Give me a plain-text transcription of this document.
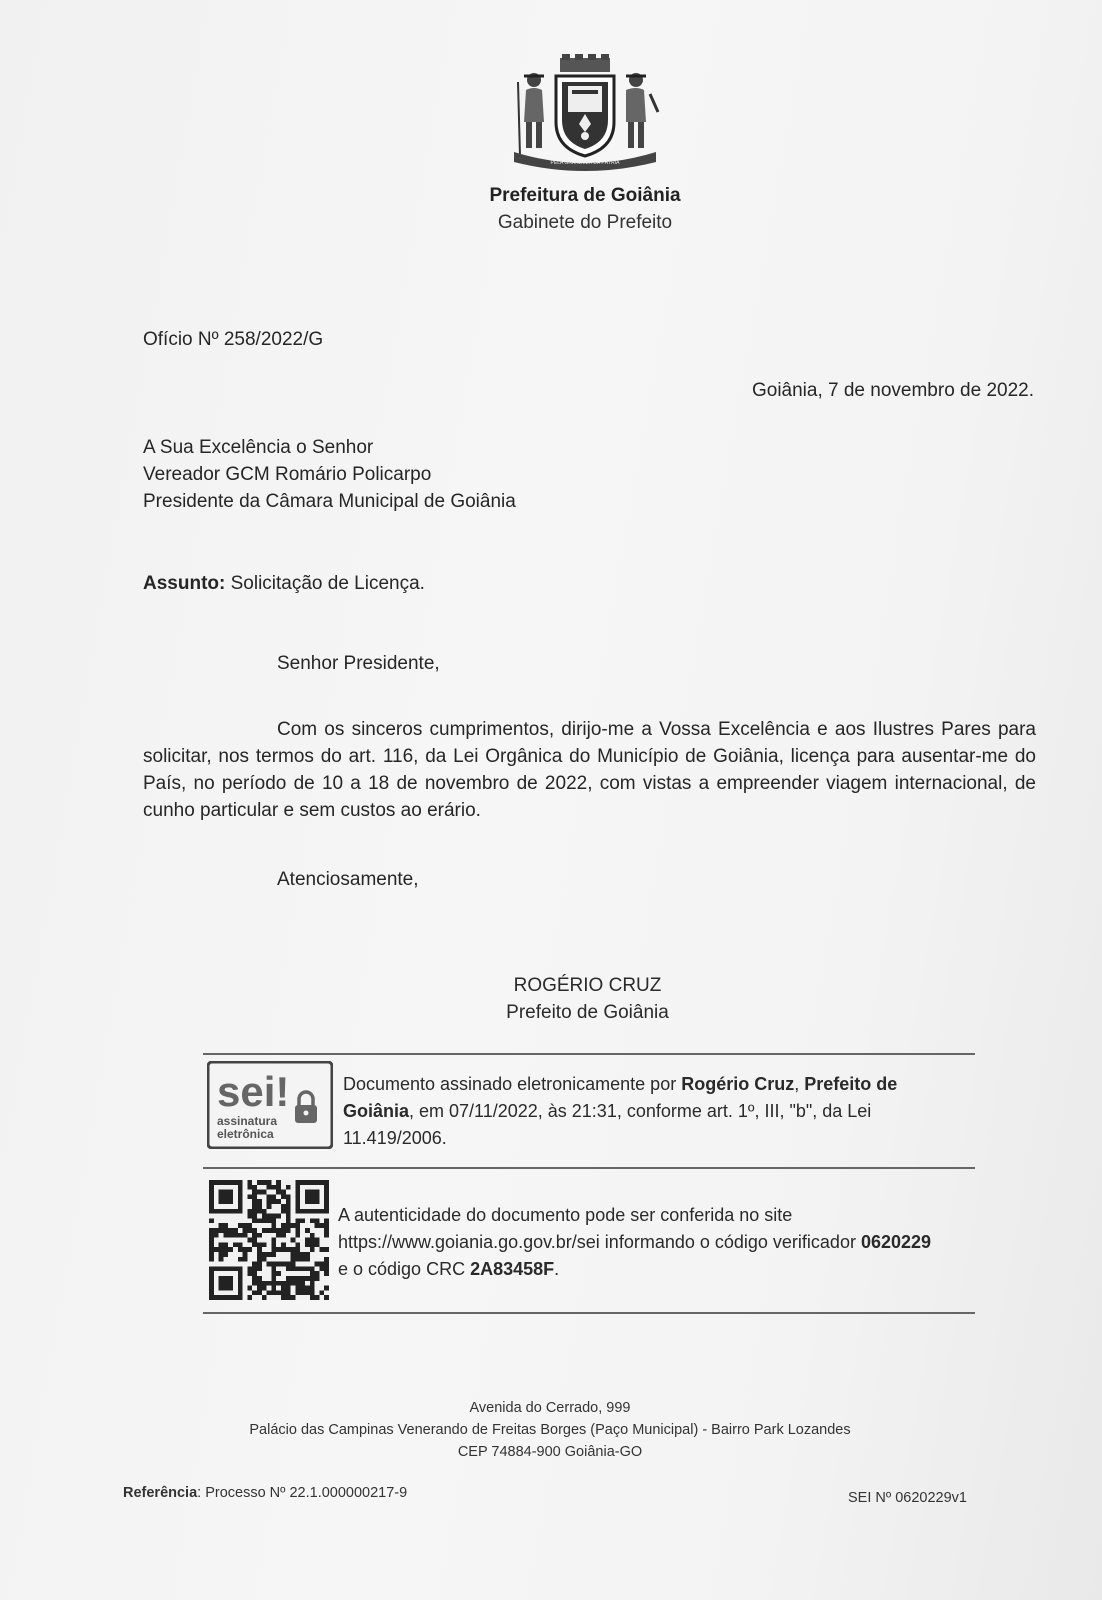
PELA GRANDEZA DA PÁTRIA
Prefeitura de Goiânia
Gabinete do Prefeito
Ofício Nº 258/2022/G
Goiânia, 7 de novembro de 2022.
A Sua Excelência o Senhor
Vereador GCM Romário Policarpo
Presidente da Câmara Municipal de Goiânia
Assunto: Solicitação de Licença.
Senhor Presidente,
Com os sinceros cumprimentos, dirijo-me a Vossa Excelência e aos Ilustres Pares para solicitar, nos termos do art. 116, da Lei Orgânica do Município de Goiânia, licença para ausentar-me do País, no período de 10 a 18 de novembro de 2022, com vistas a empreender viagem internacional, de cunho particular e sem custos ao erário.
Atenciosamente,
ROGÉRIO CRUZ
Prefeito de Goiânia
sei!
assinatura
eletrônica
Documento assinado eletronicamente por Rogério Cruz, Prefeito de Goiânia, em 07/11/2022, às 21:31, conforme art. 1º, III, "b", da Lei 11.419/2006.
A autenticidade do documento pode ser conferida no site https://www.goiania.go.gov.br/sei informando o código verificador 0620229 e o código CRC 2A83458F.
Avenida do Cerrado, 999
Palácio das Campinas Venerando de Freitas Borges (Paço Municipal) - Bairro Park Lozandes
CEP 74884-900 Goiânia-GO
Referência: Processo Nº 22.1.000000217-9	SEI Nº 0620229v1
